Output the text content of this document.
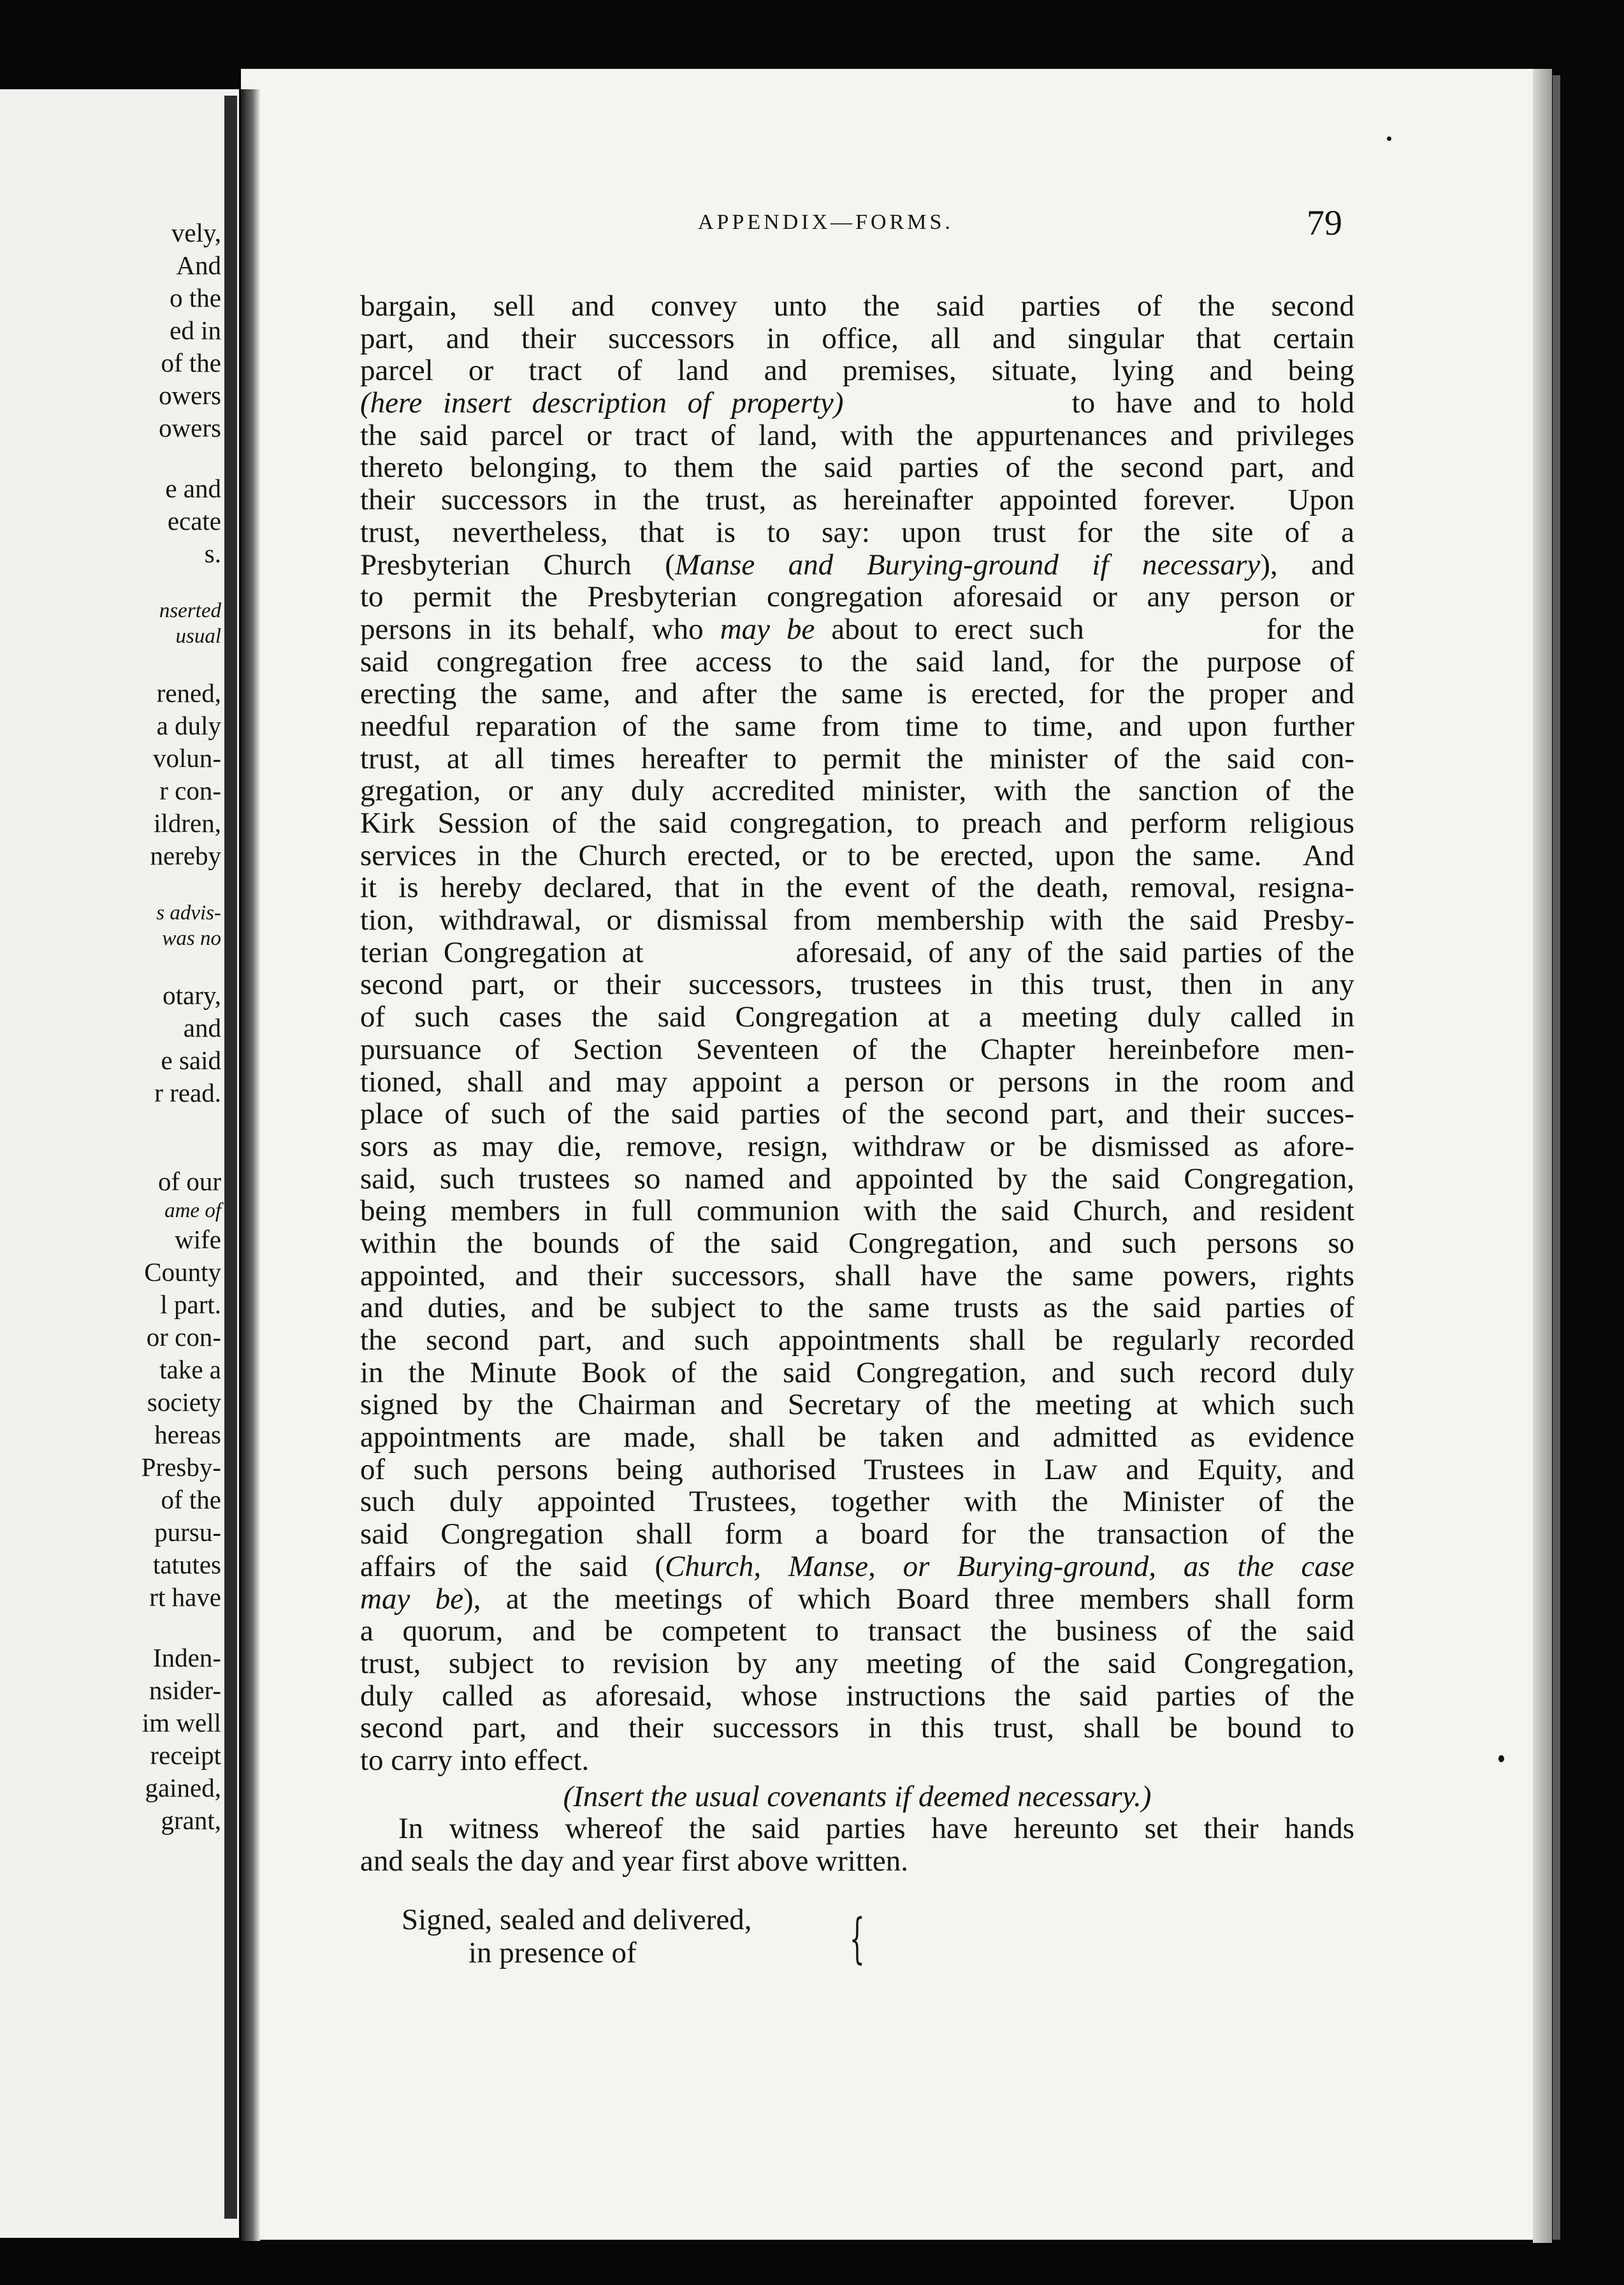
vely,

And

o the

ed in

of the

owers

owers

e and

ecate

s.

nserted

usual

rened,

a duly

volun-

r con-

ildren,

nereby

s advis-

was no

otary,

and

e said

r read.

of our

ame of

wife

County

l part.

or con-

take a

society

hereas

Presby-

of the

pursu-

tatutes

rt have

Inden-

nsider-

im well

receipt

gained,

grant,

APPENDIX—FORMS.	79

bargain, sell and convey unto the said parties of the second
part, and their successors in office, all and singular that certain
parcel or tract of land and premises, situate, lying and being
(here insert description of property)           to have and to hold
the said parcel or tract of land, with the appurtenances and privileges
thereto belonging, to them the said parties of the second part, and
their successors in the trust, as hereinafter appointed forever.  Upon
trust, nevertheless, that is to say: upon trust for the site of a
Presbyterian Church (Manse and Burying-ground if necessary), and
to permit the Presbyterian congregation aforesaid or any person or
persons in its behalf, who may be about to erect such           for the
said congregation free access to the said land, for the purpose of
erecting the same, and after the same is erected, for the proper and
needful reparation of the same from time to time, and upon further
trust, at all times hereafter to permit the minister of the said con-
gregation, or any duly accredited minister, with the sanction of the
Kirk Session of the said congregation, to preach and perform religious
services in the Church erected, or to be erected, upon the same.  And
it is hereby declared, that in the event of the death, removal, resigna-
tion, withdrawal, or dismissal from membership with the said Presby-
terian Congregation at          aforesaid, of any of the said parties of the
second part, or their successors, trustees in this trust, then in any
of such cases the said Congregation at a meeting duly called in
pursuance of Section Seventeen of the Chapter hereinbefore men-
tioned, shall and may appoint a person or persons in the room and
place of such of the said parties of the second part, and their succes-
sors as may die, remove, resign, withdraw or be dismissed as afore-
said, such trustees so named and appointed by the said Congregation,
being members in full communion with the said Church, and resident
within the bounds of the said Congregation, and such persons so
appointed, and their successors, shall have the same powers, rights
and duties, and be subject to the same trusts as the said parties of
the second part, and such appointments shall be regularly recorded
in the Minute Book of the said Congregation, and such record duly
signed by the Chairman and Secretary of the meeting at which such
appointments are made, shall be taken and admitted as evidence
of such persons being authorised Trustees in Law and Equity, and
such duly appointed Trustees, together with the Minister of the
said Congregation shall form a board for the transaction of the
affairs of the said (Church, Manse, or Burying-ground, as the case
may be), at the meetings of which Board three members shall form
a quorum, and be competent to transact the business of the said
trust, subject to revision by any meeting of the said Congregation,
duly called as aforesaid, whose instructions the said parties of the
second part, and their successors in this trust, shall be bound to
to carry into effect.
(Insert the usual covenants if deemed necessary.)
In witness whereof the said parties have hereunto set their hands
and seals the day and year first above written.
Signed, sealed and delivered,
in presence of	{
